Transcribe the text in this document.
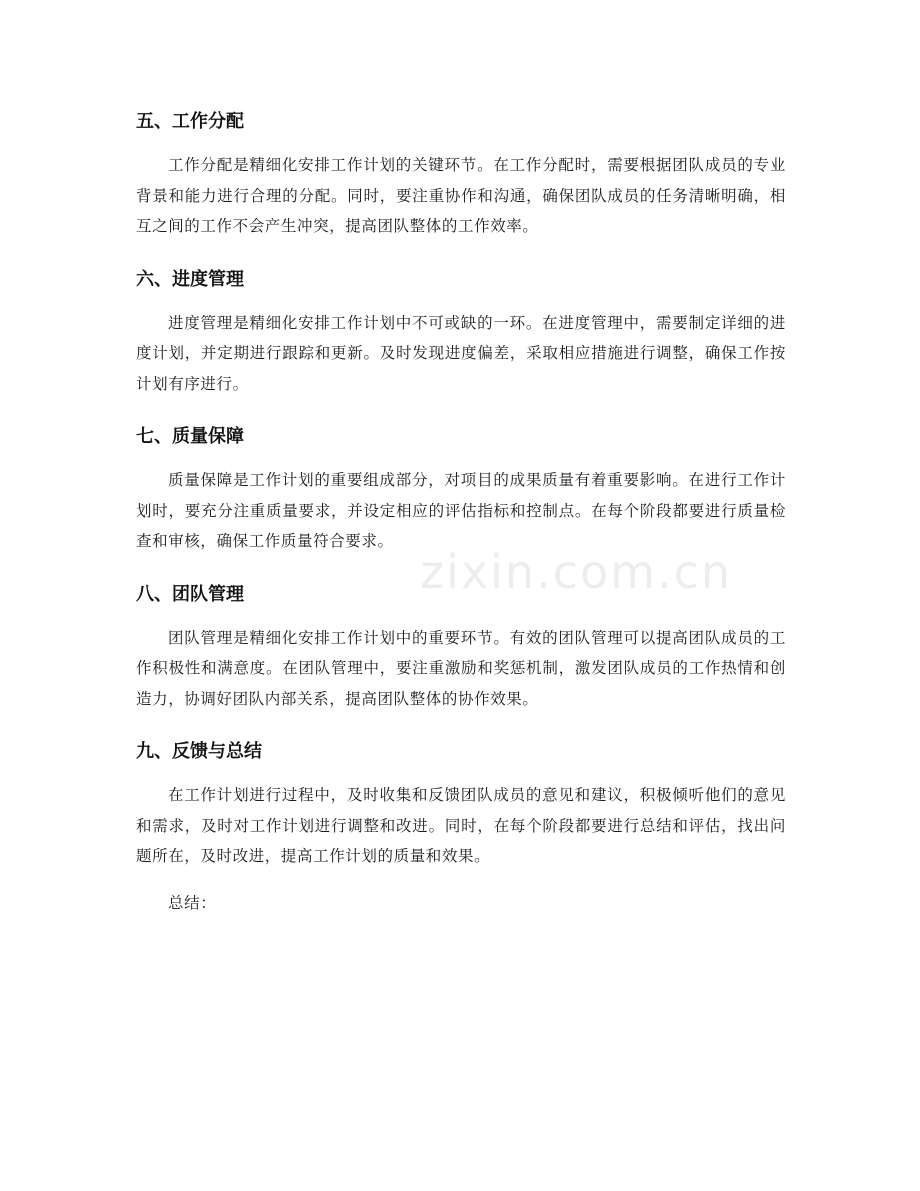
五、工作分配

工作分配是精细化安排工作计划的关键环节。在工作分配时，需要根据团队成员的专业背景和能力进行合理的分配。同时，要注重协作和沟通，确保团队成员的任务清晰明确，相互之间的工作不会产生冲突，提高团队整体的工作效率。

六、进度管理

进度管理是精细化安排工作计划中不可或缺的一环。在进度管理中，需要制定详细的进度计划，并定期进行跟踪和更新。及时发现进度偏差，采取相应措施进行调整，确保工作按计划有序进行。

七、质量保障

质量保障是工作计划的重要组成部分，对项目的成果质量有着重要影响。在进行工作计划时，要充分注重质量要求，并设定相应的评估指标和控制点。在每个阶段都要进行质量检查和审核，确保工作质量符合要求。

八、团队管理

团队管理是精细化安排工作计划中的重要环节。有效的团队管理可以提高团队成员的工作积极性和满意度。在团队管理中，要注重激励和奖惩机制，激发团队成员的工作热情和创造力，协调好团队内部关系，提高团队整体的协作效果。

九、反馈与总结

在工作计划进行过程中，及时收集和反馈团队成员的意见和建议，积极倾听他们的意见和需求，及时对工作计划进行调整和改进。同时，在每个阶段都要进行总结和评估，找出问题所在，及时改进，提高工作计划的质量和效果。

总结：

zixin.com.cn
